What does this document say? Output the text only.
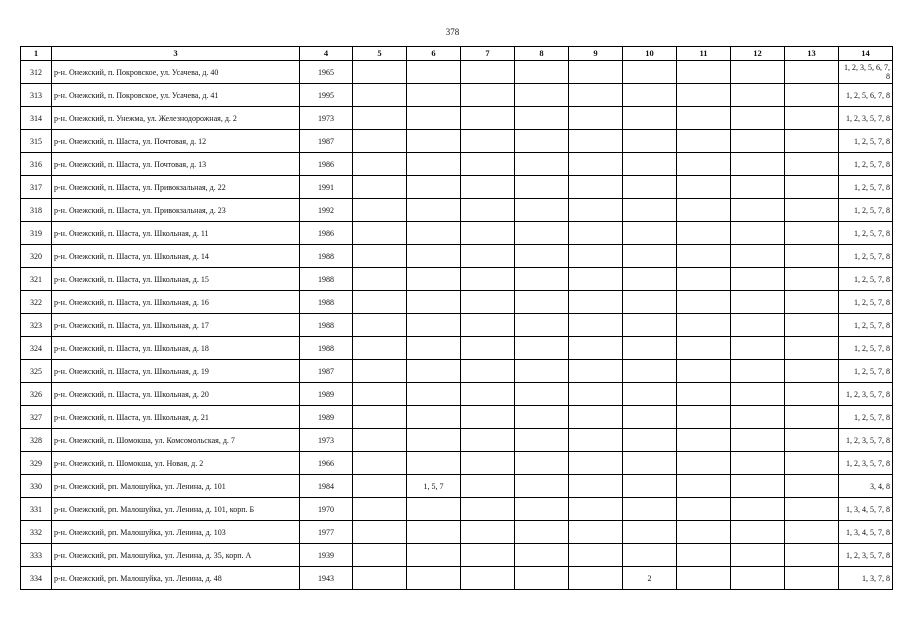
378
1	3	4	5	6	7	8	9	10	11	12	13	14
312	р-н. Онежский, п. Покровское, ул. Усачева, д. 40	1965										1, 2, 3, 5, 6, 7, 8
313	р-н. Онежский, п. Покровское, ул. Усачева, д. 41	1995										1, 2, 5, 6, 7, 8
314	р-н. Онежский, п. Унежма, ул. Железнодорожная, д. 2	1973										1, 2, 3, 5, 7, 8
315	р-н. Онежский, п. Шаста, ул. Почтовая, д. 12	1987										1, 2, 5, 7, 8
316	р-н. Онежский, п. Шаста, ул. Почтовая, д. 13	1986										1, 2, 5, 7, 8
317	р-н. Онежский, п. Шаста, ул. Привокзальная, д. 22	1991										1, 2, 5, 7, 8
318	р-н. Онежский, п. Шаста, ул. Привокзальная, д. 23	1992										1, 2, 5, 7, 8
319	р-н. Онежский, п. Шаста, ул. Школьная, д. 11	1986										1, 2, 5, 7, 8
320	р-н. Онежский, п. Шаста, ул. Школьная, д. 14	1988										1, 2, 5, 7, 8
321	р-н. Онежский, п. Шаста, ул. Школьная, д. 15	1988										1, 2, 5, 7, 8
322	р-н. Онежский, п. Шаста, ул. Школьная, д. 16	1988										1, 2, 5, 7, 8
323	р-н. Онежский, п. Шаста, ул. Школьная, д. 17	1988										1, 2, 5, 7, 8
324	р-н. Онежский, п. Шаста, ул. Школьная, д. 18	1988										1, 2, 5, 7, 8
325	р-н. Онежский, п. Шаста, ул. Школьная, д. 19	1987										1, 2, 5, 7, 8
326	р-н. Онежский, п. Шаста, ул. Школьная, д. 20	1989										1, 2, 3, 5, 7, 8
327	р-н. Онежский, п. Шаста, ул. Школьная, д. 21	1989										1, 2, 5, 7, 8
328	р-н. Онежский, п. Шомокша, ул. Комсомольская, д. 7	1973										1, 2, 3, 5, 7, 8
329	р-н. Онежский, п. Шомокша, ул. Новая, д. 2	1966										1, 2, 3, 5, 7, 8
330	р-н. Онежский, рп. Малошуйка, ул. Ленина, д. 101	1984		1, 5, 7								3, 4, 8
331	р-н. Онежский, рп. Малошуйка, ул. Ленина, д. 101, корп. Б	1970										1, 3, 4, 5, 7, 8
332	р-н. Онежский, рп. Малошуйка, ул. Ленина, д. 103	1977										1, 3, 4, 5, 7, 8
333	р-н. Онежский, рп. Малошуйка, ул. Ленина, д. 35, корп. А	1939										1, 2, 3, 5, 7, 8
334	р-н. Онежский, рп. Малошуйка, ул. Ленина, д. 48	1943						2				1, 3, 7, 8
